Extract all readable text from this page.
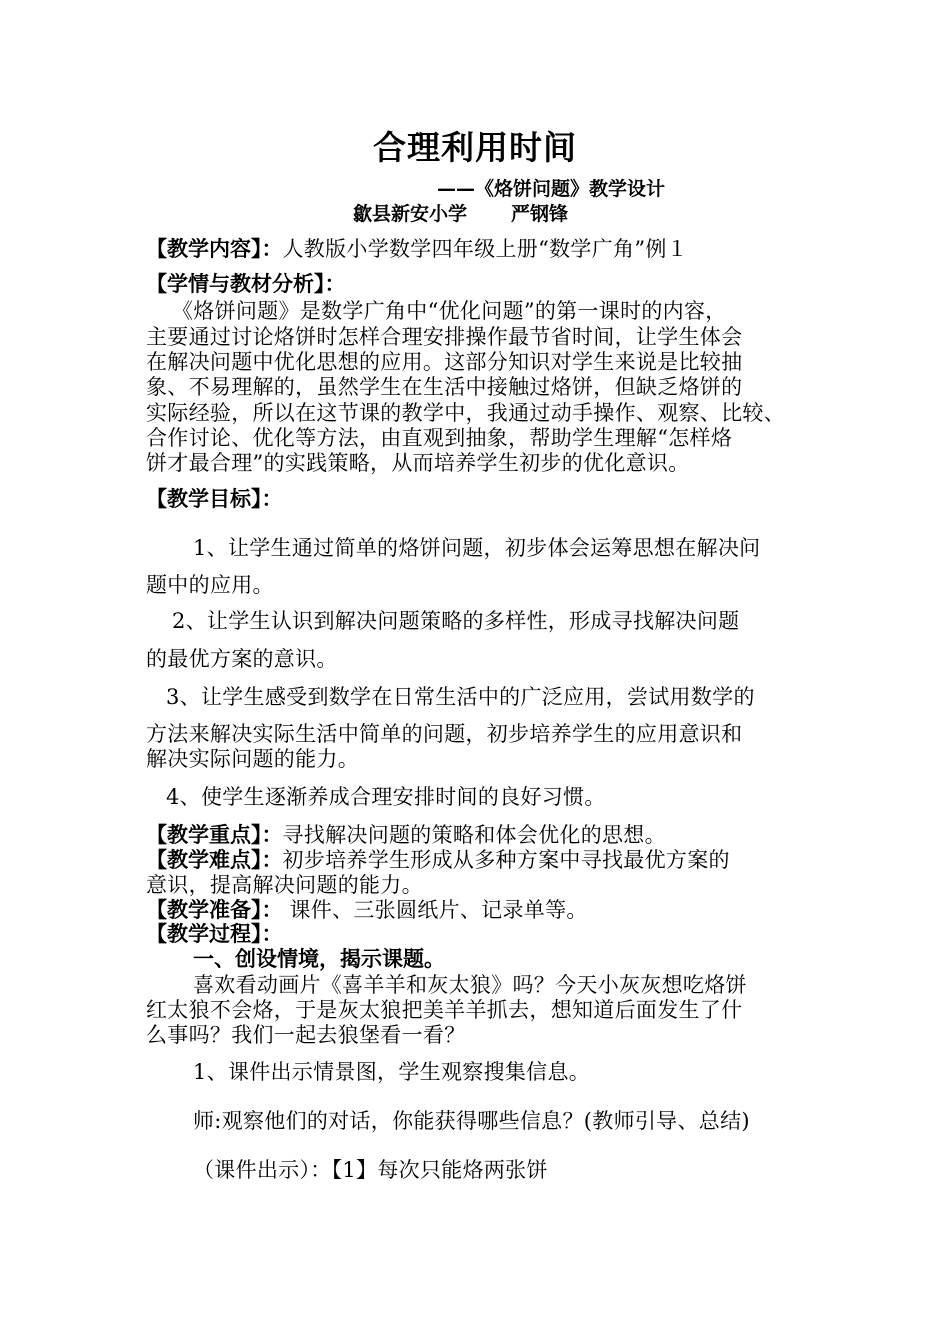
合理利用时间
——《烙饼问题》教学设计
歙县新安小学 严钢锋
【教学内容】：人教版小学数学四年级上册“数学广角”例１
【学情与教材分析】：
《烙饼问题》是数学广角中“优化问题”的第一课时的内容，
主要通过讨论烙饼时怎样合理安排操作最节省时间，让学生体会
在解决问题中优化思想的应用。这部分知识对学生来说是比较抽
象、不易理解的，虽然学生在生活中接触过烙饼，但缺乏烙饼的
实际经验，所以在这节课的教学中，我通过动手操作、观察、比较、
合作讨论、优化等方法，由直观到抽象，帮助学生理解“怎样烙
饼才最合理”的实践策略，从而培养学生初步的优化意识。
【教学目标】：
1、让学生通过简单的烙饼问题，初步体会运筹思想在解决问
题中的应用。
2、让学生认识到解决问题策略的多样性，形成寻找解决问题
的最优方案的意识。
3、让学生感受到数学在日常生活中的广泛应用，尝试用数学的
方法来解决实际生活中简单的问题，初步培养学生的应用意识和
解决实际问题的能力。
4、使学生逐渐养成合理安排时间的良好习惯。
【教学重点】：寻找解决问题的策略和体会优化的思想。
【教学难点】：初步培养学生形成从多种方案中寻找最优方案的
意识，提高解决问题的能力。
【教学准备】： 课件、三张圆纸片、记录单等。
【教学过程】：
一、创设情境，揭示课题。
喜欢看动画片《喜羊羊和灰太狼》吗？今天小灰灰想吃烙饼
红太狼不会烙，于是灰太狼把美羊羊抓去，想知道后面发生了什
么事吗？我们一起去狼堡看一看？
1、课件出示情景图，学生观察搜集信息。
师:观察他们的对话，你能获得哪些信息？(教师引导、总结)
（课件出示）：【1】每次只能烙两张饼
